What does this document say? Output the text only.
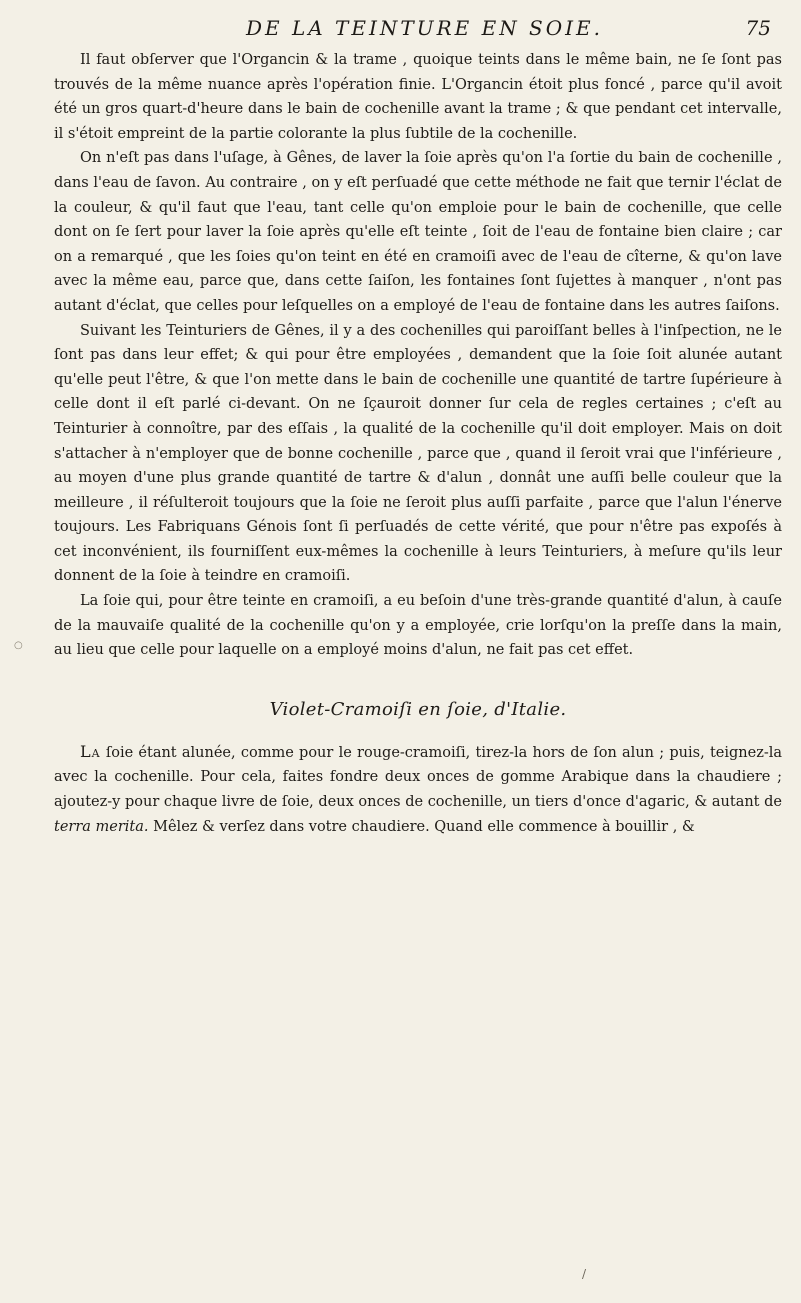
DE LA TEINTURE EN SOIE.	75

Il faut obſerver que l'Organcin & la trame , quoique teints dans le même bain, ne ſe ſont pas trouvés de la même nuance après l'opération finie. L'Organcin étoit plus foncé , parce qu'il avoit été un gros quart-d'heure dans le bain de cochenille avant la trame ; & que pendant cet intervalle, il s'étoit empreint de la partie colorante la plus ſubtile de la cochenille.

On n'eſt pas dans l'uſage, à Gênes, de laver la ſoie après qu'on l'a ſortie du bain de cochenille , dans l'eau de ſavon. Au contraire , on y eſt perſuadé que cette méthode ne fait que ternir l'éclat de la couleur, & qu'il faut que l'eau, tant celle qu'on emploie pour le bain de cochenille, que celle dont on ſe ſert pour laver la ſoie après qu'elle eſt teinte , ſoit de l'eau de fontaine bien claire ; car on a remarqué , que les ſoies qu'on teint en été en cramoiſi avec de l'eau de cîterne, & qu'on lave avec la même eau, parce que, dans cette ſaiſon, les fontaines ſont ſujettes à manquer , n'ont pas autant d'éclat, que celles pour leſquelles on a employé de l'eau de fontaine dans les autres ſaiſons.

Suivant les Teinturiers de Gênes, il y a des cochenilles qui paroiſſant belles à l'inſpection, ne le ſont pas dans leur effet; & qui pour être employées , demandent que la ſoie ſoit alunée autant qu'elle peut l'être, & que l'on mette dans le bain de cochenille une quantité de tartre ſupérieure à celle dont il eſt parlé ci-devant. On ne ſçauroit donner ſur cela de regles certaines ; c'eſt au Teinturier à connoître, par des eſſais , la qualité de la cochenille qu'il doit employer. Mais on doit s'attacher à n'employer que de bonne cochenille , parce que , quand il ſeroit vrai que l'inférieure , au moyen d'une plus grande quantité de tartre & d'alun , donnât une auſſi belle couleur que la meilleure , il réſulteroit toujours que la ſoie ne ſeroit plus auſſi parfaite , parce que l'alun l'énerve toujours. Les Fabriquans Génois ſont ſi perſuadés de cette vérité, que pour n'être pas expoſés à cet inconvénient, ils fourniſſent eux-mêmes la cochenille à leurs Teinturiers, à meſure qu'ils leur donnent de la ſoie à teindre en cramoiſi.

La ſoie qui, pour être teinte en cramoiſi, a eu beſoin d'une très-grande quantité d'alun, à cauſe de la mauvaiſe qualité de la cochenille qu'on y a employée, crie lorſqu'on la preſſe dans la main, au lieu que celle pour laquelle on a employé moins d'alun, ne fait pas cet effet.

Violet-Cramoiſi en ſoie, d'Italie.

La ſoie étant alunée, comme pour le rouge-cramoiſi, tirez-la hors de ſon alun ; puis, teignez-la avec la cochenille. Pour cela, faites fondre deux onces de gomme Arabique dans la chaudiere ; ajoutez-y pour chaque livre de ſoie, deux onces de cochenille, un tiers d'once d'agaric, & autant de terra merita. Mêlez & verſez dans votre chaudiere. Quand elle commence à bouillir , &

○
/
